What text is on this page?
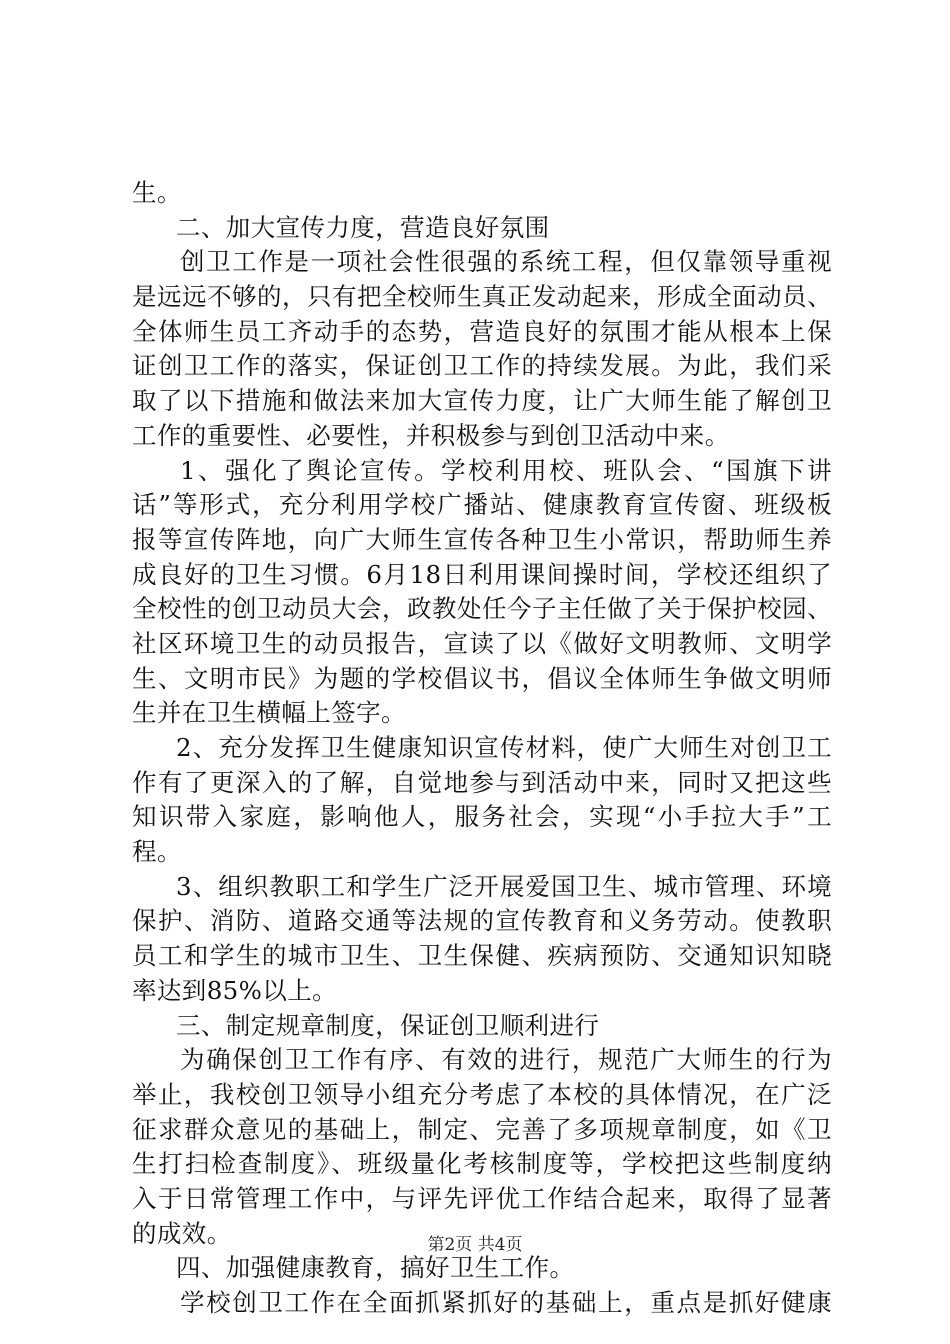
生。
二、加大宣传力度，营造良好氛围
创卫工作是一项社会性很强的系统工程，但仅靠领导重视
是远远不够的，只有把全校师生真正发动起来，形成全面动员、
全体师生员工齐动手的态势，营造良好的氛围才能从根本上保
证创卫工作的落实，保证创卫工作的持续发展。为此，我们采
取了以下措施和做法来加大宣传力度，让广大师生能了解创卫
工作的重要性、必要性，并积极参与到创卫活动中来。
1、强化了舆论宣传。学校利用校、班队会、“国旗下讲
话”等形式，充分利用学校广播站、健康教育宣传窗、班级板
报等宣传阵地，向广大师生宣传各种卫生小常识，帮助师生养
成良好的卫生习惯。6月18日利用课间操时间，学校还组织了
全校性的创卫动员大会，政教处任今子主任做了关于保护校园、
社区环境卫生的动员报告，宣读了以《做好文明教师、文明学
生、文明市民》为题的学校倡议书，倡议全体师生争做文明师
生并在卫生横幅上签字。
2、充分发挥卫生健康知识宣传材料，使广大师生对创卫工
作有了更深入的了解，自觉地参与到活动中来，同时又把这些
知识带入家庭，影响他人，服务社会，实现“小手拉大手”工
程。
3、组织教职工和学生广泛开展爱国卫生、城市管理、环境
保护、消防、道路交通等法规的宣传教育和义务劳动。使教职
员工和学生的城市卫生、卫生保健、疾病预防、交通知识知晓
率达到85%以上。
三、制定规章制度，保证创卫顺利进行
为确保创卫工作有序、有效的进行，规范广大师生的行为
举止，我校创卫领导小组充分考虑了本校的具体情况，在广泛
征求群众意见的基础上，制定、完善了多项规章制度，如《卫
生打扫检查制度》、班级量化考核制度等，学校把这些制度纳
入于日常管理工作中，与评先评优工作结合起来，取得了显著
的成效。
四、加强健康教育，搞好卫生工作。
学校创卫工作在全面抓紧抓好的基础上，重点是抓好健康
第2页 共4页
